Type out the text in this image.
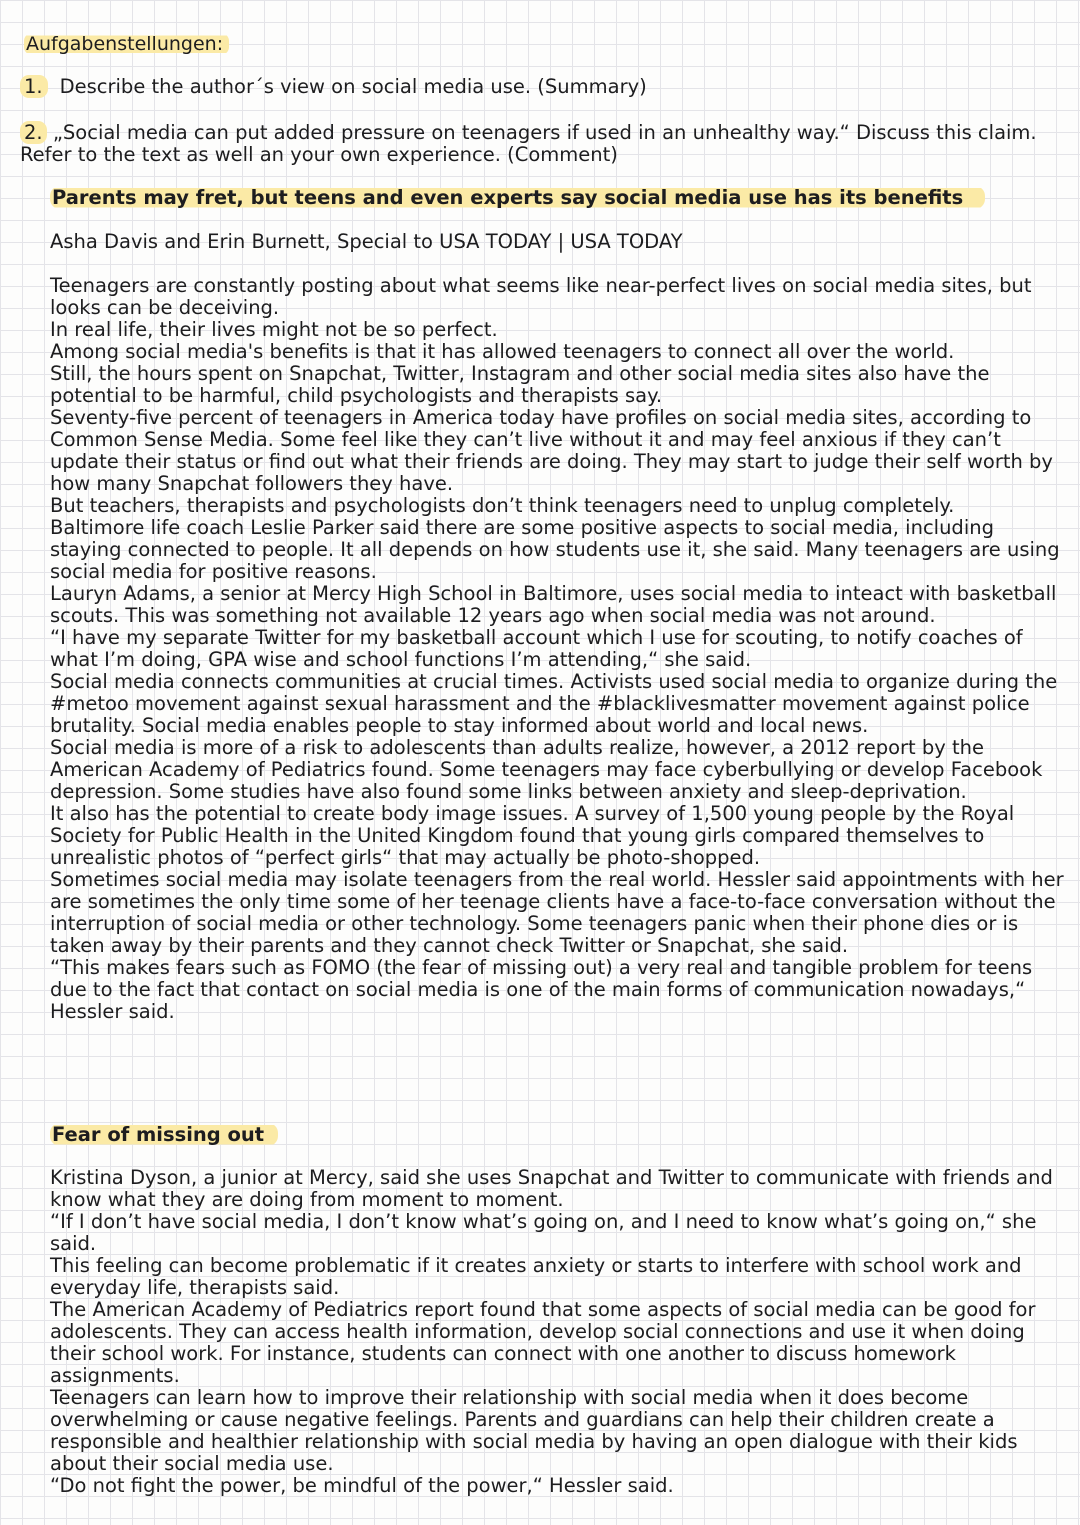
Aufgabenstellungen:
1. Describe the author´s view on social media use. (Summary)
2. „Social media can put added pressure on teenagers if used in an unhealthy way.“ Discuss this claim. Refer to the text as well an your own experience. (Comment)
Parents may fret, but teens and even experts say social media use has its benefits
Asha Davis and Erin Burnett, Special to USA TODAY | USA TODAY

Teenagers are constantly posting about what seems like near-perfect lives on social media sites, but looks can be deceiving.

In real life, their lives might not be so perfect.

Among social media's benefits is that it has allowed teenagers to connect all over the world.

Still, the hours spent on Snapchat, Twitter, Instagram and other social media sites also have the potential to be harmful, child psychologists and therapists say.

Seventy-five percent of teenagers in America today have profiles on social media sites, according to Common Sense Media. Some feel like they can’t live without it and may feel anxious if they can’t update their status or find out what their friends are doing. They may start to judge their self worth by how many Snapchat followers they have.

But teachers, therapists and psychologists don’t think teenagers need to unplug completely.

Baltimore life coach Leslie Parker said there are some positive aspects to social media, including staying connected to people. It all depends on how students use it, she said. Many teenagers are using social media for positive reasons.

Lauryn Adams, a senior at Mercy High School in Baltimore, uses social media to inteact with basketball scouts. This was something not available 12 years ago when social media was not around.

“I have my separate Twitter for my basketball account which I use for scouting, to notify coaches of what I’m doing, GPA wise and school functions I’m attending,“ she said.

Social media connects communities at crucial times. Activists used social media to organize during the #metoo movement against sexual harassment and the #blacklivesmatter movement against police brutality. Social media enables people to stay informed about world and local news.

Social media is more of a risk to adolescents than adults realize, however, a 2012 report by the American Academy of Pediatrics found. Some teenagers may face cyberbullying or develop Facebook depression. Some studies have also found some links between anxiety and sleep-deprivation.

It also has the potential to create body image issues. A survey of 1,500 young people by the Royal Society for Public Health in the United Kingdom found that young girls compared themselves to unrealistic photos of “perfect girls“ that may actually be photo-shopped.

Sometimes social media may isolate teenagers from the real world. Hessler said appointments with her are sometimes the only time some of her teenage clients have a face-to-face conversation without the interruption of social media or other technology. Some teenagers panic when their phone dies or is taken away by their parents and they cannot check Twitter or Snapchat, she said.

“This makes fears such as FOMO (the fear of missing out) a very real and tangible problem for teens due to the fact that contact on social media is one of the main forms of communication nowadays,“ Hessler said.

Fear of missing out

Kristina Dyson, a junior at Mercy, said she uses Snapchat and Twitter to communicate with friends and know what they are doing from moment to moment.

“If I don’t have social media, I don’t know what’s going on, and I need to know what’s going on,“ she said.

This feeling can become problematic if it creates anxiety or starts to interfere with school work and everyday life, therapists said.

The American Academy of Pediatrics report found that some aspects of social media can be good for adolescents. They can access health information, develop social connections and use it when doing their school work. For instance, students can connect with one another to discuss homework assignments.

Teenagers can learn how to improve their relationship with social media when it does become overwhelming or cause negative feelings. Parents and guardians can help their children create a responsible and healthier relationship with social media by having an open dialogue with their kids about their social media use.

“Do not fight the power, be mindful of the power,“ Hessler said.
